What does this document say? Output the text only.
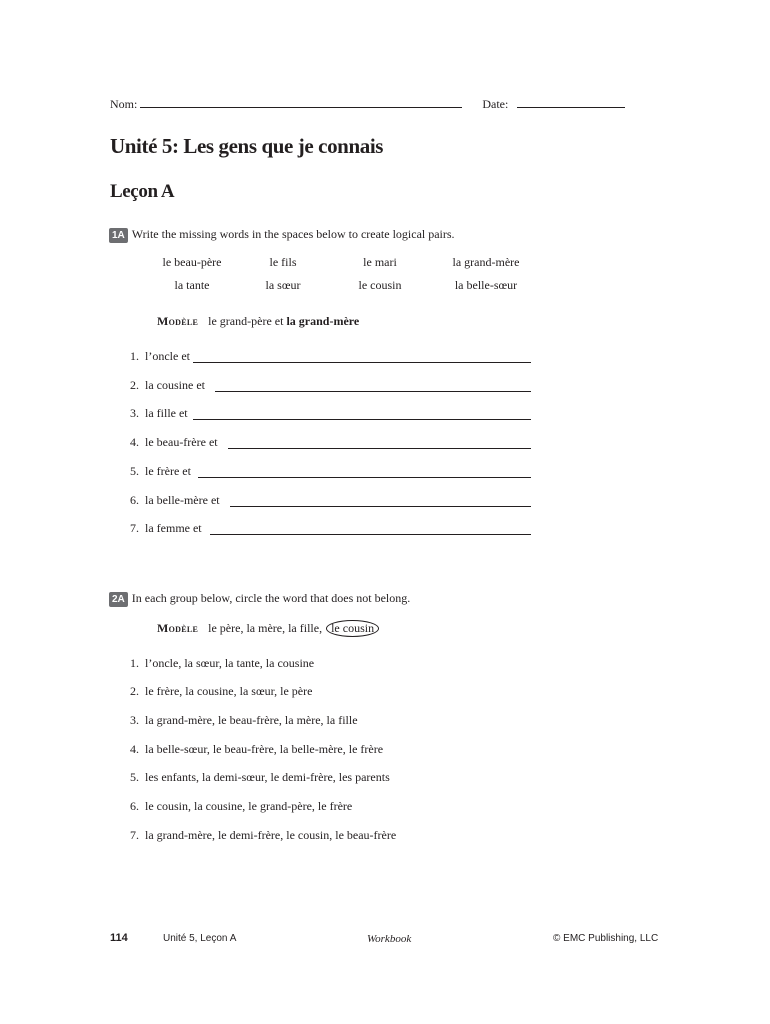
Nom:	Date:
Unité 5: Les gens que je connais
Leçon A
1A Write the missing words in the spaces below to create logical pairs.
le beau-père	le fils	le mari	la grand-mère
la tante	la sœur	le cousin	la belle-sœur
Modèle le grand-père et la grand-mère
1. l’oncle et
2. la cousine et
3. la fille et
4. le beau-frère et
5. le frère et
6. la belle-mère et
7. la femme et
2A In each group below, circle the word that does not belong.
Modèle le père, la mère, la fille, le cousin
1. l’oncle, la sœur, la tante, la cousine
2. le frère, la cousine, la sœur, le père
3. la grand-mère, le beau-frère, la mère, la fille
4. la belle-sœur, le beau-frère, la belle-mère, le frère
5. les enfants, la demi-sœur, le demi-frère, les parents
6. le cousin, la cousine, le grand-père, le frère
7. la grand-mère, le demi-frère, le cousin, le beau-frère
114	Unité 5, Leçon A	Workbook	© EMC Publishing, LLC
